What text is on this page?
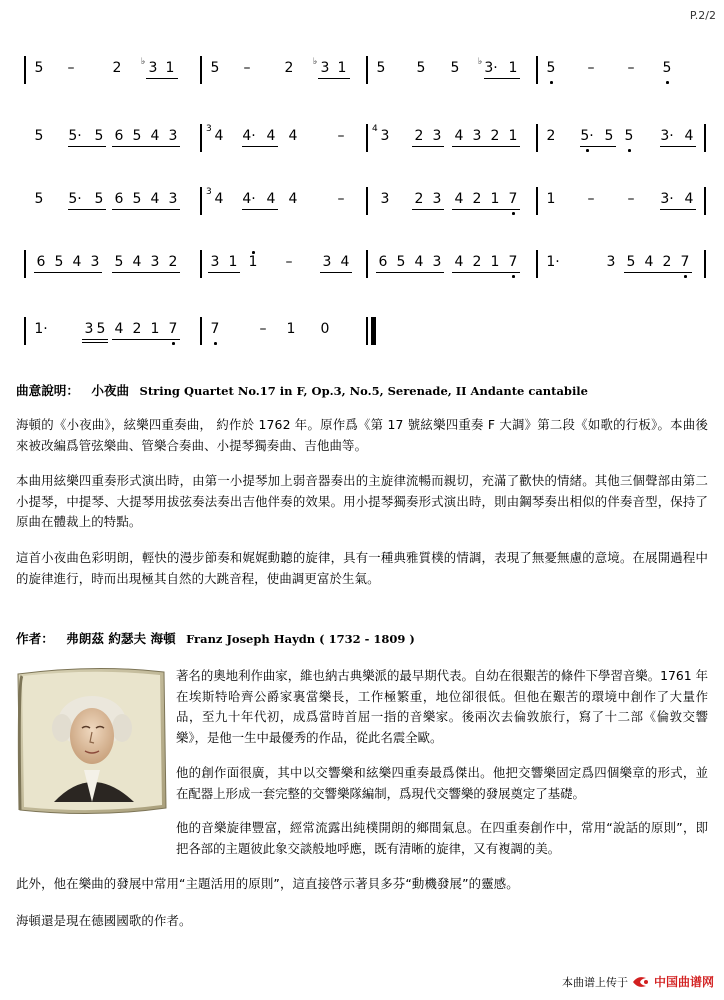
P.2/2
5 –	2 ♭ 3 1	5 – 2 ♭ 3 1 5 5 5 ♭ 3· 1 5 – – 5
5 5· 5 6 5 4 3	3 4 4· 4 4	–	4 3 2 3 4 3 2 1 2 5· 5 5 3· 4
5 5· 5 6 5 4 3	3 4 4· 4 4	–	3 2 3 4 2 1 7 1 – – 3· 4
6 5 4 3 5 4 3 2 3 1 1 – 3 4 6 5 4 3 4 2 1 7 1·	3 5 4 2 7
1·	3 5 4 2 1 7 7	– 1 0
曲意說明： 小夜曲 String Quartet No.17 in F, Op.3, No.5, Serenade, II Andante cantabile
海頓的《小夜曲》，絃樂四重奏曲， 約作於 1762 年。原作爲《第 17 號絃樂四重奏 F 大調》第二段《如歌的行板》。本曲後來被改編爲管弦樂曲、管樂合奏曲、小提琴獨奏曲、吉他曲等。
本曲用絃樂四重奏形式演出時，由第一小提琴加上弱音器奏出的主旋律流暢而親切，充滿了歡快的情緒。其他三個聲部由第二小提琴，中提琴、大提琴用拔弦奏法奏出吉他伴奏的效果。用小提琴獨奏形式演出時，則由鋼琴奏出相似的伴奏音型，保持了原曲在體裁上的特點。
這首小夜曲色彩明朗，輕快的漫步節奏和娓娓動聽的旋律，具有一種典雅質樸的情調，表現了無憂無慮的意境。在展開過程中的旋律進行，時而出現極其自然的大跳音程，使曲調更富於生氣。
作者： 弗朗茲 約瑟夫 海頓 Franz Joseph Haydn ( 1732 - 1809 )
著名的奧地利作曲家，維也納古典樂派的最早期代表。自幼在很艱苦的條件下學習音樂。1761 年在埃斯特哈齊公爵家裏當樂長，工作極繁重，地位卻很低。但他在艱苦的環境中創作了大量作品，至九十年代初，成爲當時首屈一指的音樂家。後兩次去倫敦旅行，寫了十二部《倫敦交響樂》，是他一生中最優秀的作品，從此名震全歐。
他的創作面很廣，其中以交響樂和絃樂四重奏最爲傑出。他把交響樂固定爲四個樂章的形式，並在配器上形成一套完整的交響樂隊編制，爲現代交響樂的發展奠定了基礎。
他的音樂旋律豐富，經常流露出純樸開朗的鄉間氣息。在四重奏創作中，常用“說話的原則”，即把各部的主題彼此象交談般地呼應，既有清晰的旋律，又有複調的美。
此外，他在樂曲的發展中常用“主題活用的原則”，這直接啓示著貝多芬“動機發展”的靈感。
海頓還是現在德國國歌的作者。
本曲谱上传于 中国曲谱网
